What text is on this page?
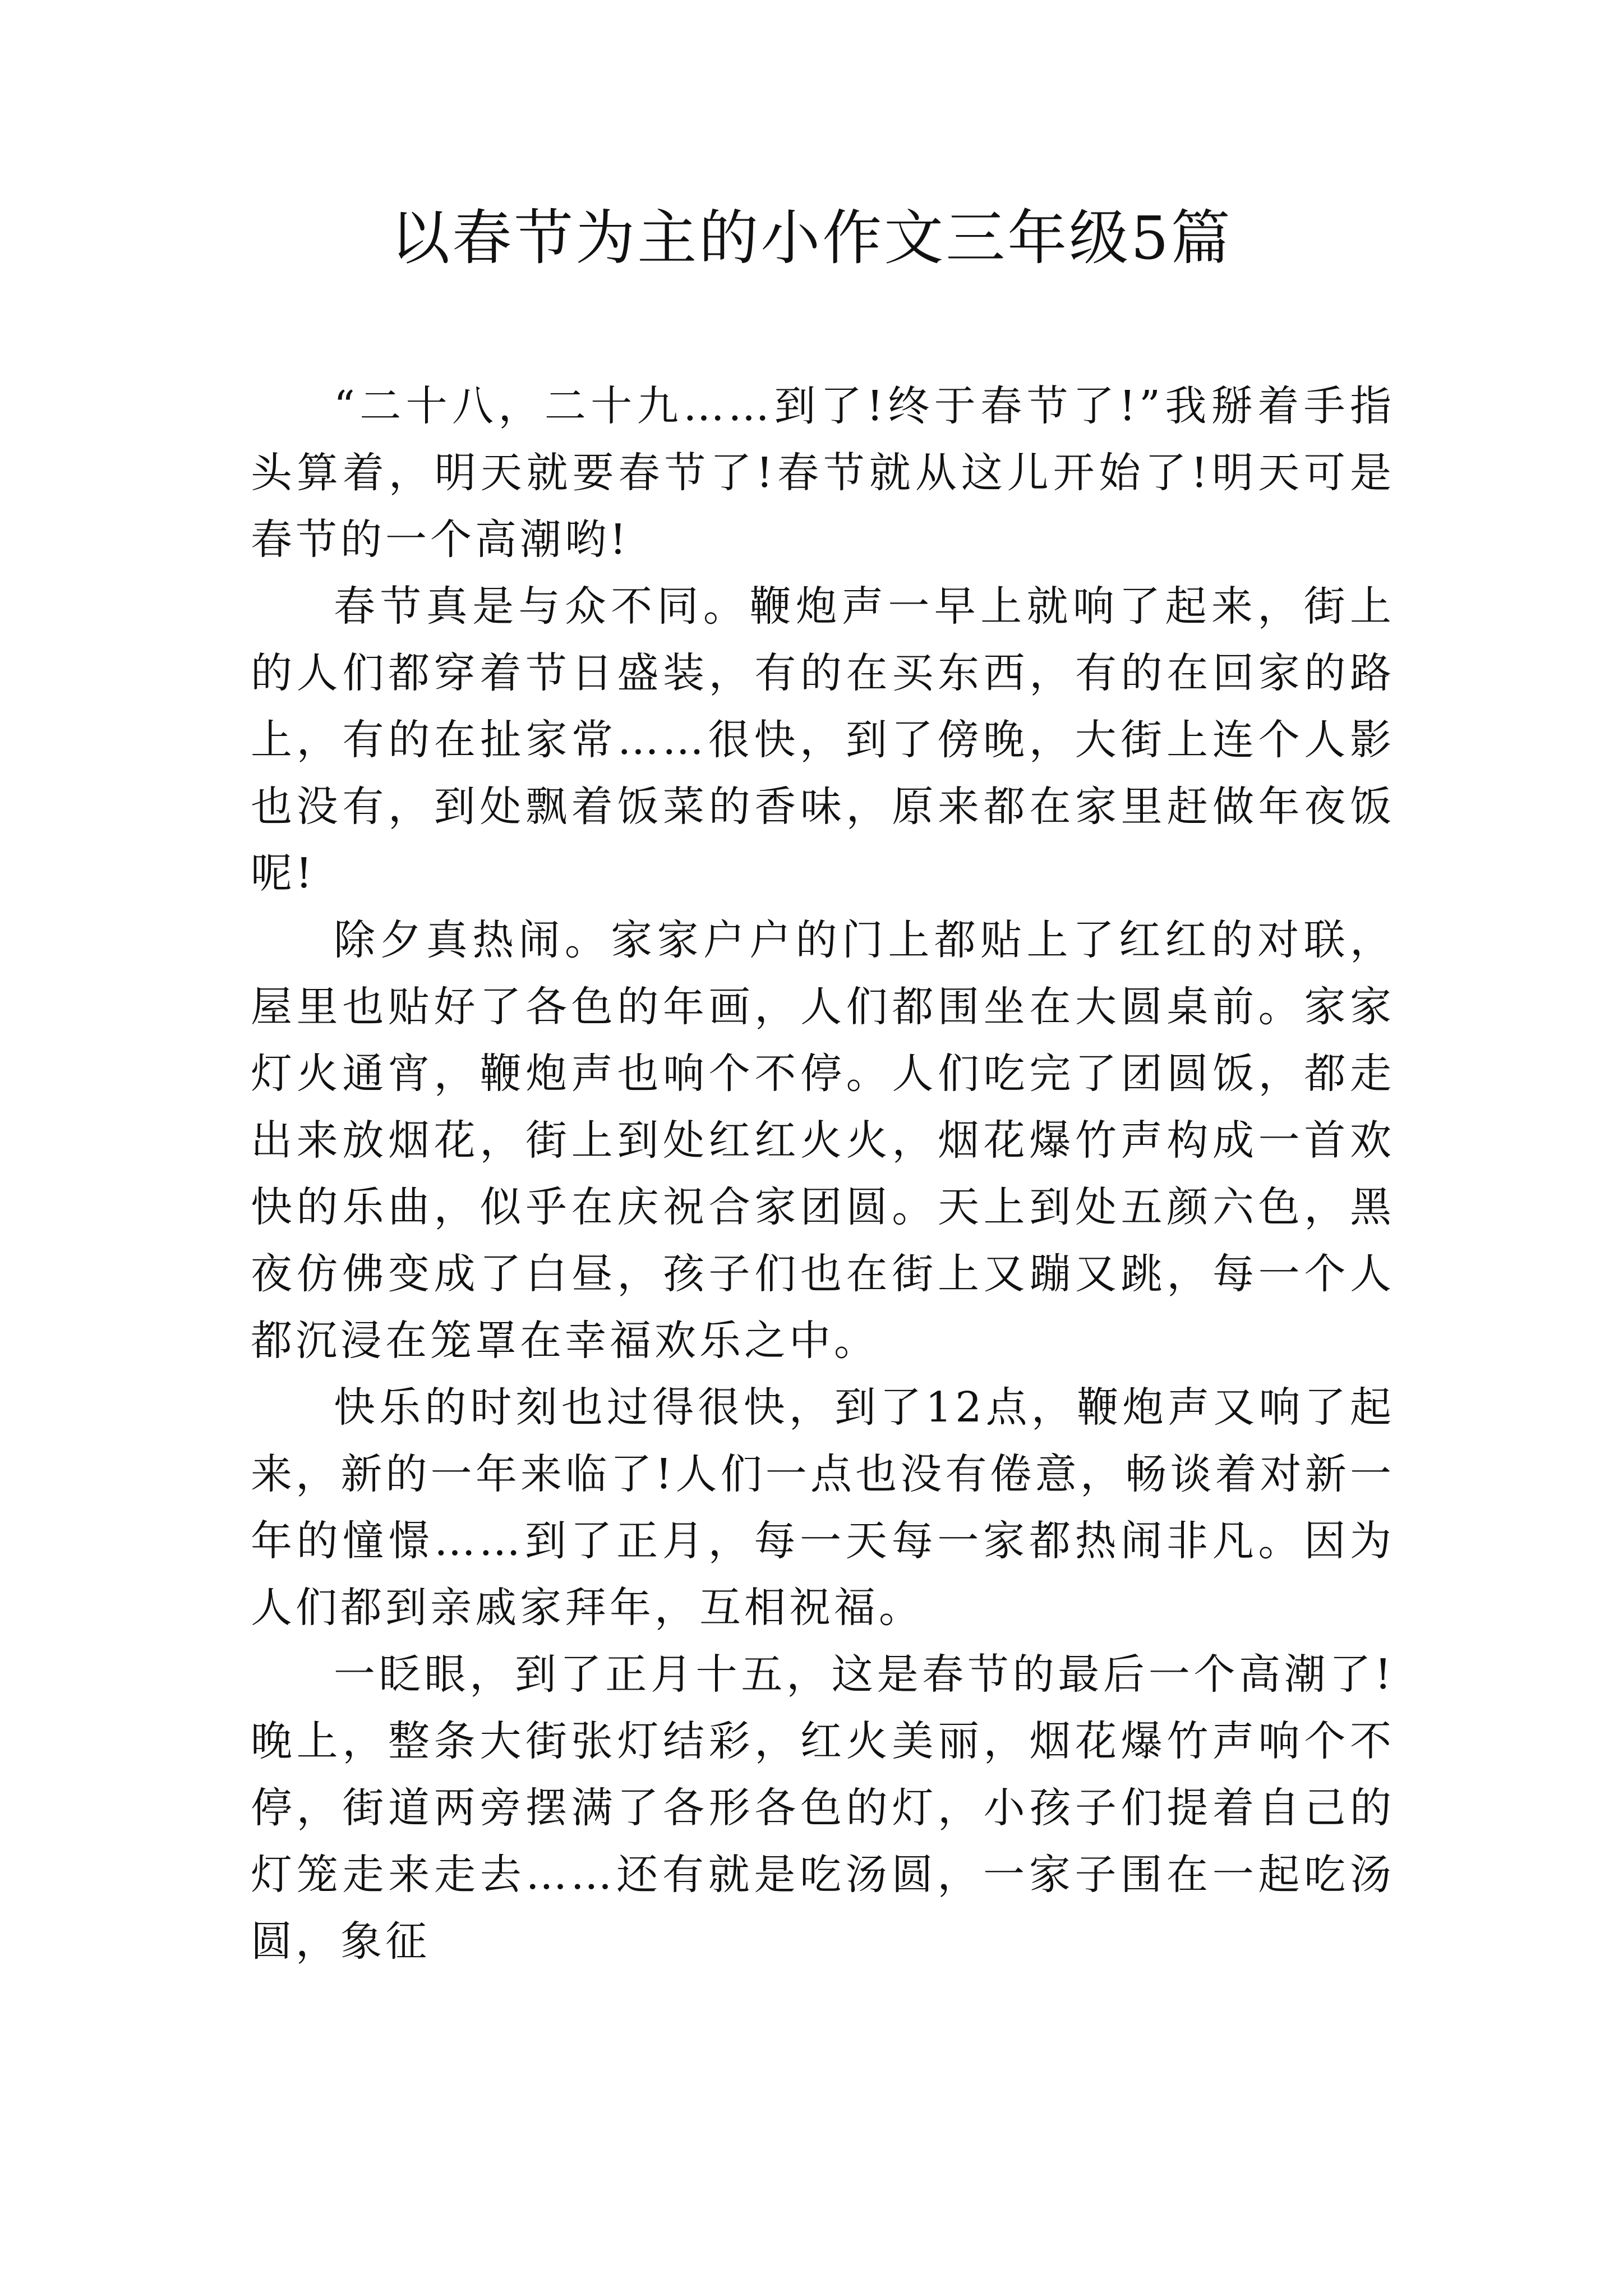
以春节为主的小作文三年级5篇

“二十八，二十九……到了!终于春节了!”我掰着手指头算着，明天就要春节了!春节就从这儿开始了!明天可是春节的一个高潮哟!

春节真是与众不同。鞭炮声一早上就响了起来，街上的人们都穿着节日盛装，有的在买东西，有的在回家的路上，有的在扯家常……很快，到了傍晚，大街上连个人影也没有，到处飘着饭菜的香味，原来都在家里赶做年夜饭呢!

除夕真热闹。家家户户的门上都贴上了红红的对联，屋里也贴好了各色的年画，人们都围坐在大圆桌前。家家灯火通宵，鞭炮声也响个不停。人们吃完了团圆饭，都走出来放烟花，街上到处红红火火，烟花爆竹声构成一首欢快的乐曲，似乎在庆祝合家团圆。天上到处五颜六色，黑夜仿佛变成了白昼，孩子们也在街上又蹦又跳，每一个人都沉浸在笼罩在幸福欢乐之中。

快乐的时刻也过得很快，到了12点，鞭炮声又响了起来，新的一年来临了!人们一点也没有倦意，畅谈着对新一年的憧憬……到了正月，每一天每一家都热闹非凡。因为人们都到亲戚家拜年，互相祝福。

一眨眼，到了正月十五，这是春节的最后一个高潮了!晚上，整条大街张灯结彩，红火美丽，烟花爆竹声响个不停，街道两旁摆满了各形各色的灯，小孩子们提着自己的灯笼走来走去……还有就是吃汤圆，一家子围在一起吃汤圆，象征
